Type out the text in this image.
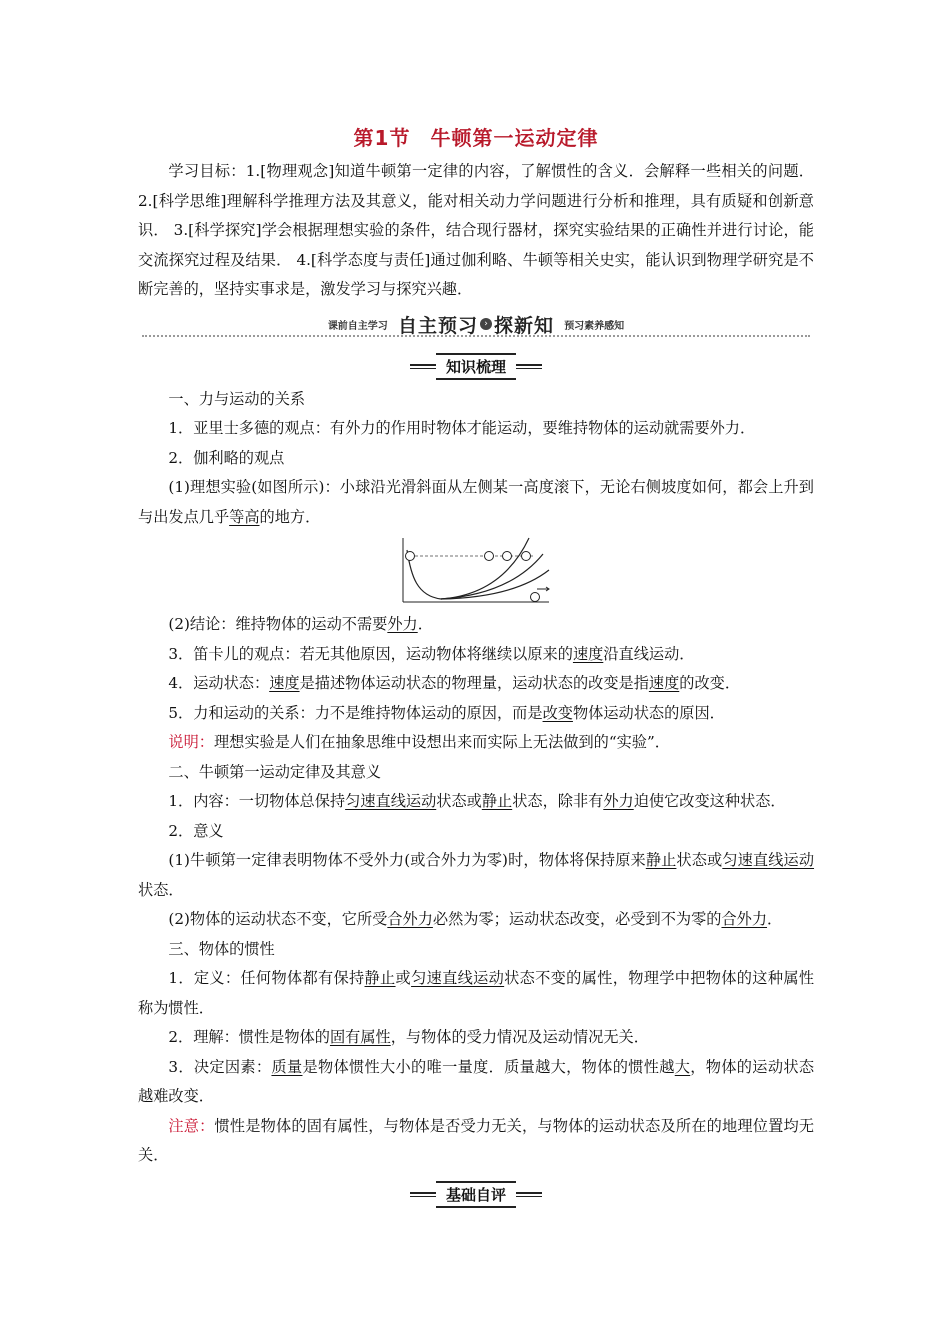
第1节 牛顿第一运动定律

学习目标：1.[物理观念]知道牛顿第一定律的内容，了解惯性的含义．会解释一些相关的问题． 2.[科学思维]理解科学推理方法及其意义，能对相关动力学问题进行分析和推理，具有质疑和创新意识． 3.[科学探究]学会根据理想实验的条件，结合现行器材，探究实验结果的正确性并进行讨论，能交流探究过程及结果． 4.[科学态度与责任]通过伽利略、牛顿等相关史实，能认识到物理学研究是不断完善的，坚持实事求是，激发学习与探究兴趣．

课前自主学习 自主预习 › 探新知 预习素养感知
知识梳理

一、力与运动的关系

1．亚里士多德的观点：有外力的作用时物体才能运动，要维持物体的运动就需要外力．

2．伽利略的观点

(1)理想实验(如图所示)：小球沿光滑斜面从左侧某一高度滚下，无论右侧坡度如何，都会上升到与出发点几乎等高的地方．

(2)结论：维持物体的运动不需要外力．

3．笛卡儿的观点：若无其他原因，运动物体将继续以原来的速度沿直线运动．

4．运动状态：速度是描述物体运动状态的物理量，运动状态的改变是指速度的改变．

5．力和运动的关系：力不是维持物体运动的原因，而是改变物体运动状态的原因．

说明：理想实验是人们在抽象思维中设想出来而实际上无法做到的“实验”．

二、牛顿第一运动定律及其意义

1．内容：一切物体总保持匀速直线运动状态或静止状态，除非有外力迫使它改变这种状态．

2．意义

(1)牛顿第一定律表明物体不受外力(或合外力为零)时，物体将保持原来静止状态或匀速直线运动状态．

(2)物体的运动状态不变，它所受合外力必然为零；运动状态改变，必受到不为零的合外力．

三、物体的惯性

1．定义：任何物体都有保持静止或匀速直线运动状态不变的属性，物理学中把物体的这种属性称为惯性．

2．理解：惯性是物体的固有属性，与物体的受力情况及运动情况无关．

3．决定因素：质量是物体惯性大小的唯一量度．质量越大，物体的惯性越大，物体的运动状态越难改变．

注意：惯性是物体的固有属性，与物体是否受力无关，与物体的运动状态及所在的地理位置均无关．

基础自评
